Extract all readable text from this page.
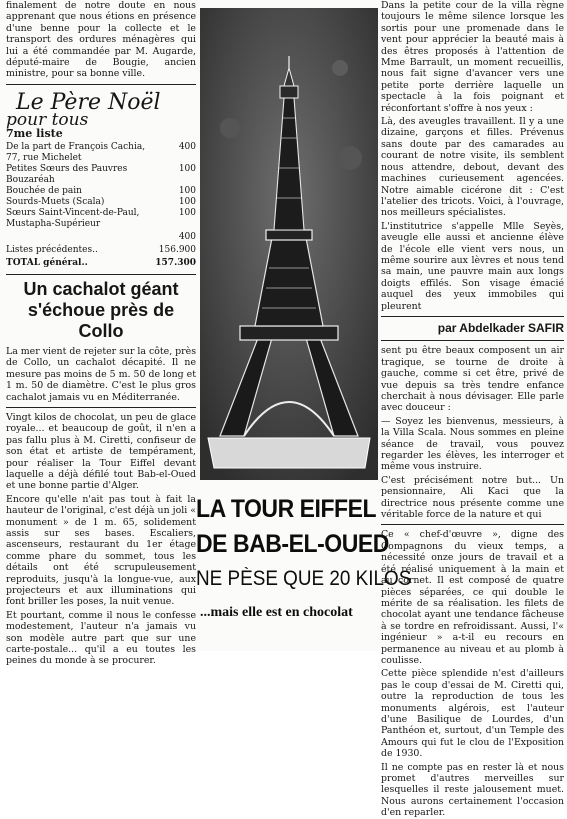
finalement de notre doute en nous apprenant que nous étions en présence d'une benne pour la collecte et le transport des ordures ménagères qui lui a été commandée par M. Augarde, député-maire de Bougie, ancien ministre, pour sa bonne ville.

Le Père Noël

pour tous

7me liste

De la part de François Cachia, 77, rue Michelet
400
Petites Sœurs des Pauvres Bouzaréah
100
Bouchée de pain	100
Sourds-Muets (Scala)	100
Sœurs Saint-Vincent-de-Paul, Mustapha-Supérieur
100
400
Listes précédentes..	156.900
TOTAL général..	157.300
Un cachalot géant s'échoue près de Collo

La mer vient de rejeter sur la côte, près de Collo, un cachalot décapité. Il ne mesure pas moins de 5 m. 50 de long et 1 m. 50 de diamètre. C'est le plus gros cachalot jamais vu en Méditerranée.

Vingt kilos de chocolat, un peu de glace royale... et beaucoup de goût, il n'en a pas fallu plus à M. Ciretti, confiseur de son état et artiste de tempérament, pour réaliser la Tour Eiffel devant laquelle a déjà défilé tout Bab-el-Oued et une bonne partie d'Alger.

Encore qu'elle n'ait pas tout à fait la hauteur de l'original, c'est déjà un joli « monument » de 1 m. 65, solidement assis sur ses bases. Escaliers, ascenseurs, restaurant du 1er étage comme phare du sommet, tous les détails ont été scrupuleusement reproduits, jusqu'à la longue-vue, aux projecteurs et aux illuminations qui font briller les poses, la nuit venue.

Et pourtant, comme il nous le confesse modestement, l'auteur n'a jamais vu son modèle autre part que sur une carte-postale... qu'il a eu toutes les peines du monde à se procurer.

LA TOUR EIFFEL
DE BAB-EL-OUED
NE PÈSE QUE 20 KILOS
...mais elle est en chocolat

Dans la petite cour de la villa règne toujours le même silence lorsque les sortis pour une promenade dans le vent pour apprécier la beauté mais à des êtres proposés à l'attention de Mme Barrault, un moment recueillis, nous fait signe d'avancer vers une petite porte derrière laquelle un spectacle à la fois poignant et réconfortant s'offre à nos yeux :

Là, des aveugles travaillent. Il y a une dizaine, garçons et filles. Prévenus sans doute par des camarades au courant de notre visite, ils semblent nous attendre, debout, devant des machines curieusement agencées. Notre aimable cicérone dit : C'est l'atelier des tricots. Voici, à l'ouvrage, nos meilleurs spécialistes.

L'institutrice s'appelle Mlle Seyès, aveugle elle aussi et ancienne élève de l'école elle vient vers nous, un même sourire aux lèvres et nous tend sa main, une pauvre main aux longs doigts effilés. Son visage émacié auquel des yeux immobiles qui pleurent

par Abdelkader SAFIR

sent pu être beaux composent un air tragique, se tourne de droite à gauche, comme si cet être, privé de vue depuis sa très tendre enfance cherchait à nous dévisager. Elle parle avec douceur :

— Soyez les bienvenus, messieurs, à la Villa Scala. Nous sommes en pleine séance de travail, vous pouvez regarder les élèves, les interroger et même vous instruire.

C'est précisément notre but... Un pensionnaire, Ali Kaci que la directrice nous présente comme une véritable force de la nature et qui

Ce « chef-d'œuvre », digne des Compagnons du vieux temps, a nécessité onze jours de travail et a été réalisé uniquement à la main et au cornet. Il est composé de quatre pièces séparées, ce qui double le mérite de sa réalisation. les filets de chocolat ayant une tendance fâcheuse à se tordre en refroidissant. Aussi, l'« ingénieur » a-t-il eu recours en permanence au niveau et au plomb à coulisse.

Cette pièce splendide n'est d'ailleurs pas le coup d'essai de M. Ciretti qui, outre la reproduction de tous les monuments algérois, est l'auteur d'une Basilique de Lourdes, d'un Panthéon et, surtout, d'un Temple des Amours qui fut le clou de l'Exposition de 1930.

Il ne compte pas en rester là et nous promet d'autres merveilles sur lesquelles il reste jalousement muet. Nous aurons certainement l'occasion d'en reparler.
